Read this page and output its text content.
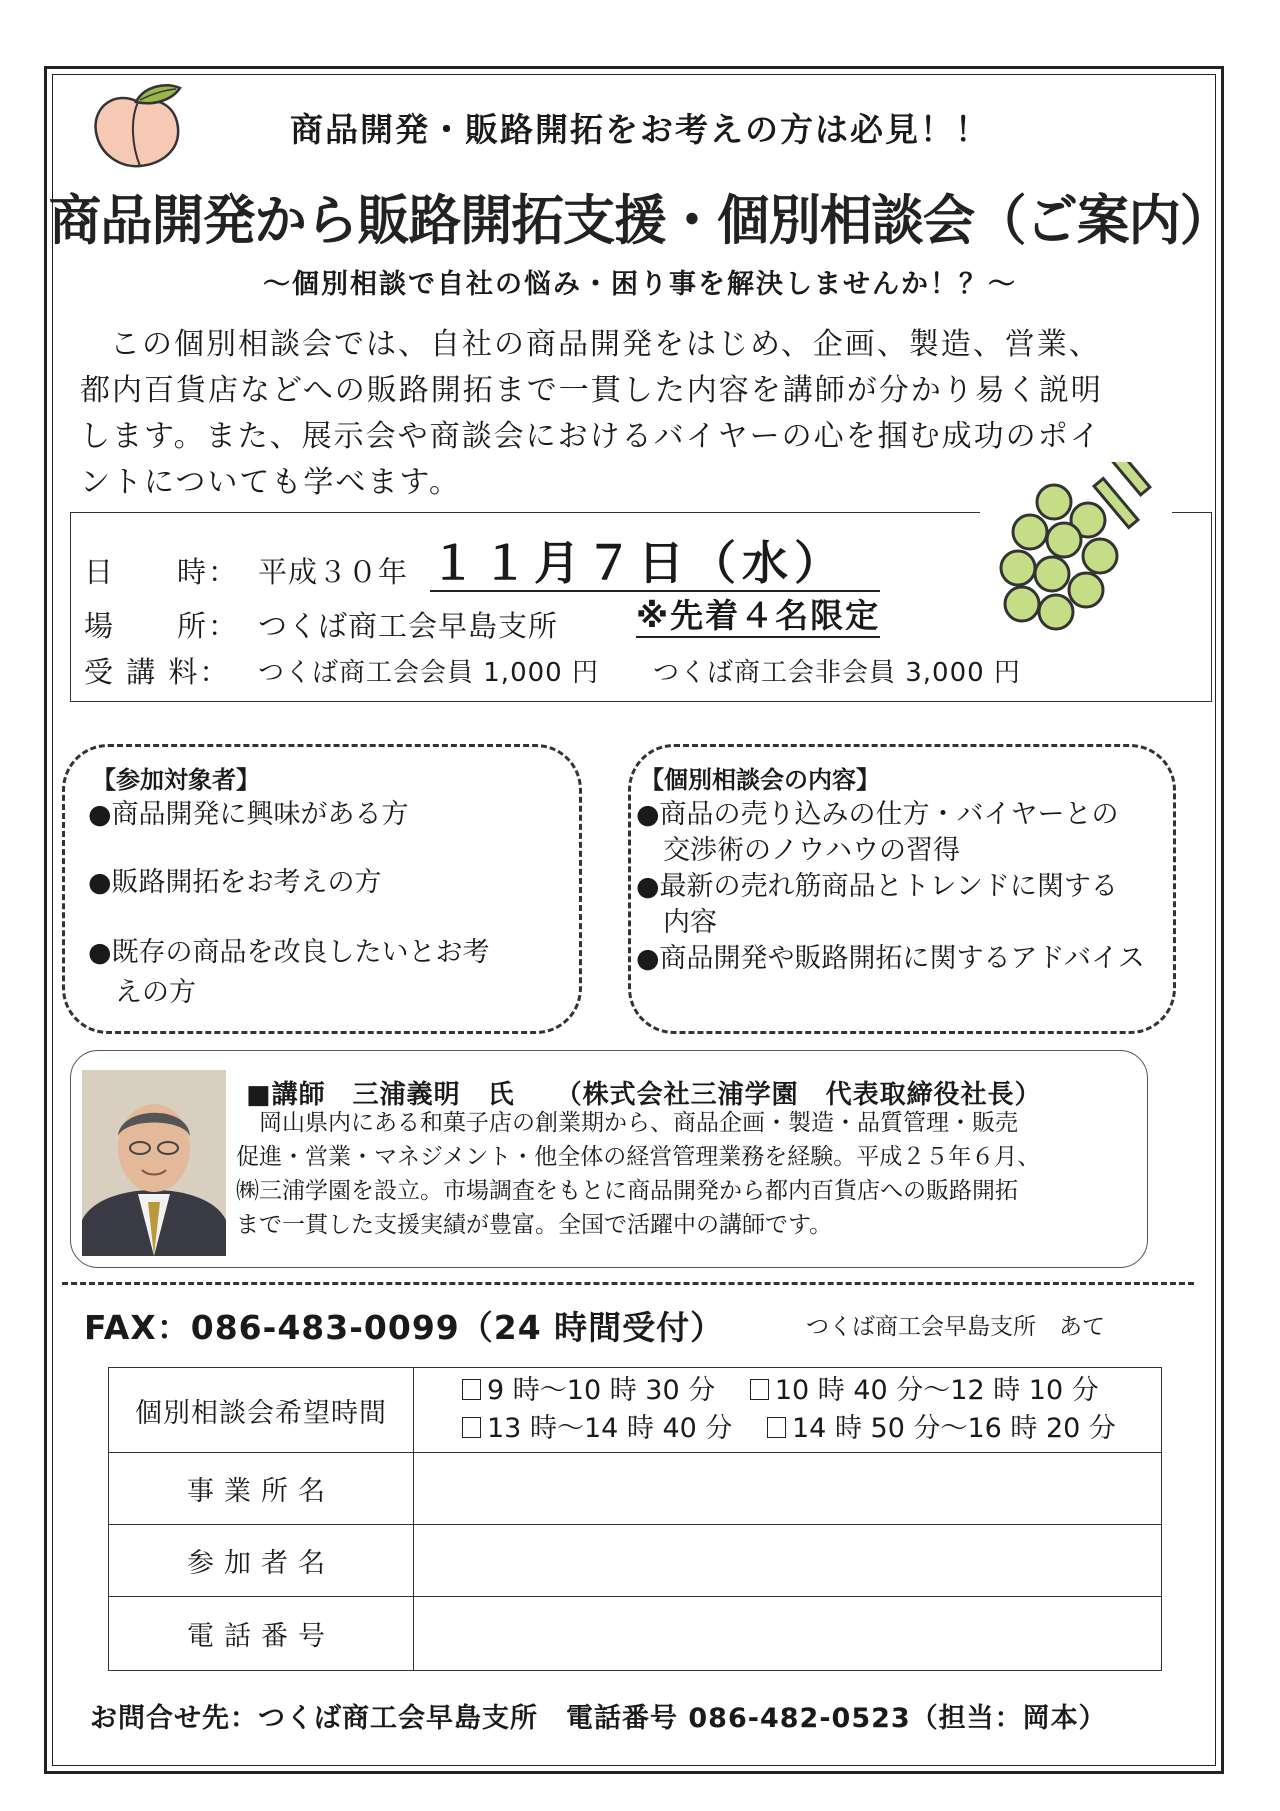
商品開発・販路開拓をお考えの方は必見！！
商品開発から販路開拓支援・個別相談会（ご案内）
～個別相談で自社の悩み・困り事を解決しませんか！？～
この個別相談会では、自社の商品開発をはじめ、企画、製造、営業、
都内百貨店などへの販路開拓まで一貫した内容を講師が分かり易く説明
します。また、展示会や商談会におけるバイヤーの心を掴む成功のポイ
ントについても学べます。
日　　時： 平成３０年 １１月７日（水）
場　　所： つくば商工会早島支所 ※先着４名限定
受 講 料： つくば商工会会員 1,000 円　　つくば商工会非会員 3,000 円
【参加対象者】
●商品開発に興味がある方
●販路開拓をお考えの方
●既存の商品を改良したいとお考
　えの方
【個別相談会の内容】
●商品の売り込みの仕方・バイヤーとの
　交渉術のノウハウの習得
●最新の売れ筋商品とトレンドに関する
　内容
●商品開発や販路開拓に関するアドバイス
■講師　三浦義明　氏　　（株式会社三浦学園　代表取締役社長）
　岡山県内にある和菓子店の創業期から、商品企画・製造・品質管理・販売
促進・営業・マネジメント・他全体の経営管理業務を経験。平成２５年６月、
㈱三浦学園を設立。市場調査をもとに商品開発から都内百貨店への販路開拓
まで一貫した支援実績が豊富。全国で活躍中の講師です。
FAX：086-483-0099（24 時間受付）	つくば商工会早島支所　あて
個別相談会希望時間	9 時～10 時 30 分 10 時 40 分～12 時 10 分
13 時～14 時 40 分 14 時 50 分～16 時 20 分

事業所名	
参加者名	
電話番号	
お問合せ先：つくば商工会早島支所　電話番号 086-482-0523（担当：岡本）
